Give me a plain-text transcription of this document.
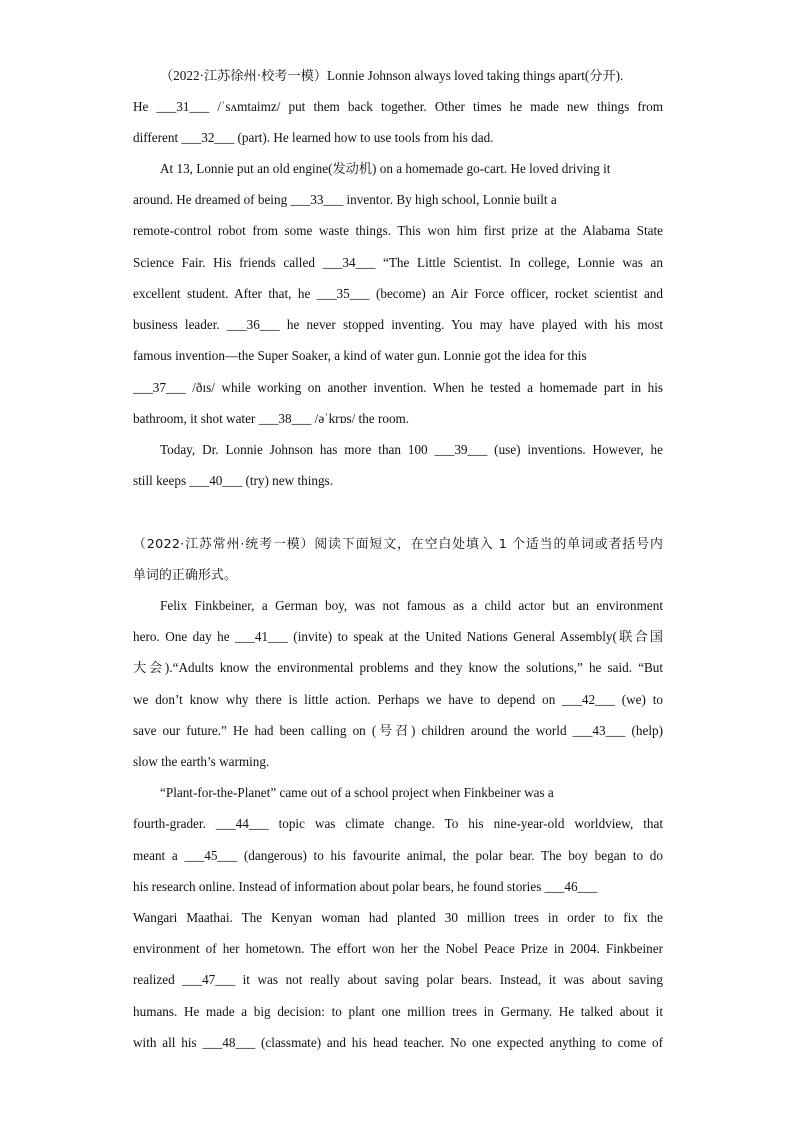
（2022·江苏徐州·校考一模）Lonnie Johnson always loved taking things apart(分开).
He ___31___ /ˈsʌmtaimz/ put them back together. Other times he made new things from
different ___32___ (part). He learned how to use tools from his dad.
At 13, Lonnie put an old engine(发动机) on a homemade go-cart. He loved driving it
around. He dreamed of being ___33___ inventor. By high school, Lonnie built a
remote-control robot from some waste things. This won him first prize at the Alabama State
Science Fair. His friends called ___34___ “The Little Scientist. In college, Lonnie was an
excellent student. After that, he ___35___ (become) an Air Force officer, rocket scientist and
business leader. ___36___ he never stopped inventing. You may have played with his most
famous invention—the Super Soaker, a kind of water gun. Lonnie got the idea for this
___37___ /ðɪs/ while working on another invention. When he tested a homemade part in his
bathroom, it shot water ___38___ /əˈkrɒs/ the room.
Today, Dr. Lonnie Johnson has more than 100 ___39___ (use) inventions. However, he
still keeps ___40___ (try) new things.
（2022·江苏常州·统考一模）阅读下面短文，在空白处填入 1 个适当的单词或者括号内
单词的正确形式。
Felix Finkbeiner, a German boy, was not famous as a child actor but an environment
hero. One day he ___41___ (invite) to speak at the United Nations General Assembly(联合国
大会).“Adults know the environmental problems and they know the solutions,” he said. “But
we don’t know why there is little action. Perhaps we have to depend on ___42___ (we) to
save our future.” He had been calling on (号召) children around the world ___43___ (help)
slow the earth’s warming.
“Plant-for-the-Planet” came out of a school project when Finkbeiner was a
fourth-grader. ___44___ topic was climate change. To his nine-year-old worldview, that
meant a ___45___ (dangerous) to his favourite animal, the polar bear. The boy began to do
his research online. Instead of information about polar bears, he found stories ___46___
Wangari Maathai. The Kenyan woman had planted 30 million trees in order to fix the
environment of her hometown. The effort won her the Nobel Peace Prize in 2004. Finkbeiner
realized ___47___ it was not really about saving polar bears. Instead, it was about saving
humans. He made a big decision: to plant one million trees in Germany. He talked about it
with all his ___48___ (classmate) and his head teacher. No one expected anything to come of
